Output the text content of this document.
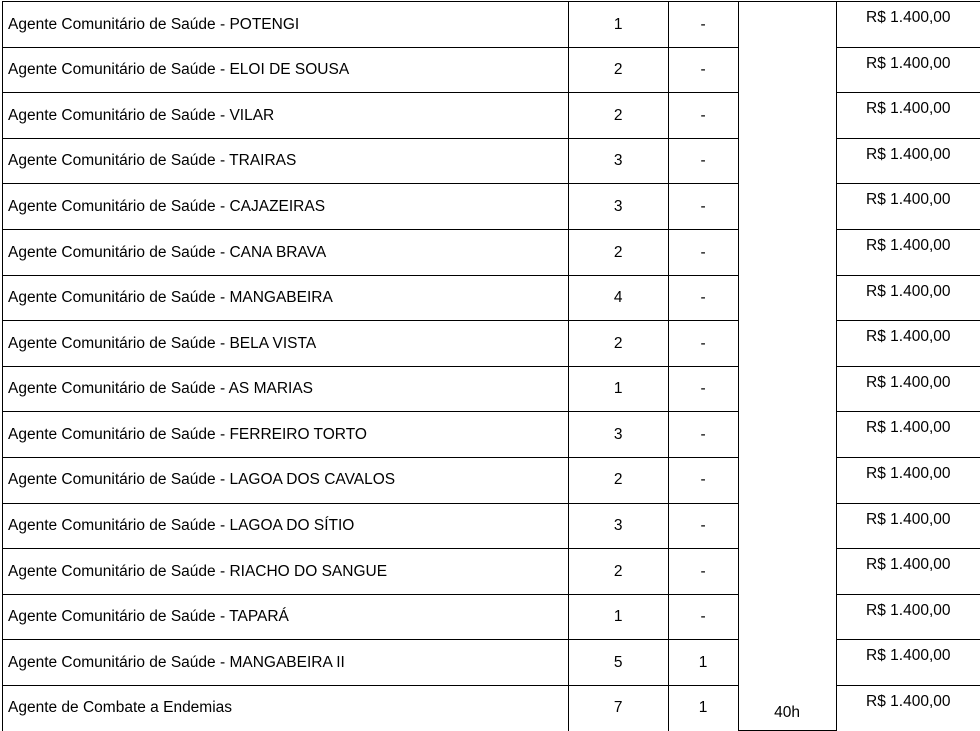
Agente Comunitário de Saúde - POTENGI	1	-	40h	R$ 1.400,00
Agente Comunitário de Saúde - ELOI DE SOUSA	2	-		R$ 1.400,00
Agente Comunitário de Saúde - VILAR	2	-		R$ 1.400,00
Agente Comunitário de Saúde - TRAIRAS	3	-		R$ 1.400,00
Agente Comunitário de Saúde - CAJAZEIRAS	3	-		R$ 1.400,00
Agente Comunitário de Saúde - CANA BRAVA	2	-		R$ 1.400,00
Agente Comunitário de Saúde - MANGABEIRA	4	-		R$ 1.400,00
Agente Comunitário de Saúde - BELA VISTA	2	-		R$ 1.400,00
Agente Comunitário de Saúde - AS MARIAS	1	-		R$ 1.400,00
Agente Comunitário de Saúde - FERREIRO TORTO	3	-		R$ 1.400,00
Agente Comunitário de Saúde - LAGOA DOS CAVALOS	2	-		R$ 1.400,00
Agente Comunitário de Saúde - LAGOA DO SÍTIO	3	-		R$ 1.400,00
Agente Comunitário de Saúde - RIACHO DO SANGUE	2	-		R$ 1.400,00
Agente Comunitário de Saúde - TAPARÁ	1	-		R$ 1.400,00
Agente Comunitário de Saúde - MANGABEIRA II	5	1		R$ 1.400,00
Agente de Combate a Endemias	7	1		R$ 1.400,00
